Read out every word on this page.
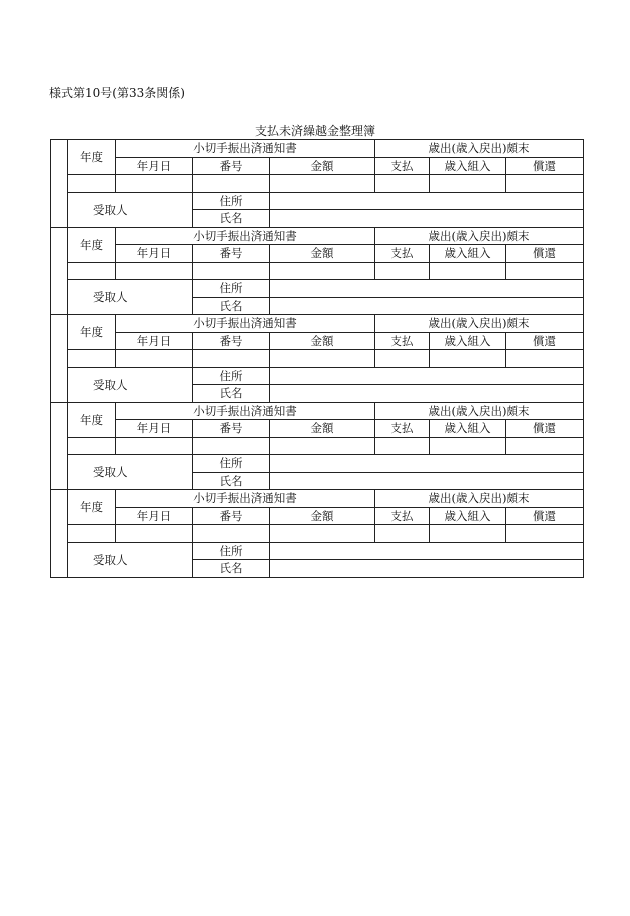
様式第10号(第33条関係)
支払未済繰越金整理簿
	年度	小切手振出済通知書			歳出(歳入戻出)頗末		
		年月日	番号	金額	支払	歳入組入	償還

	受取人		住所				
			氏名				
	年度	小切手振出済通知書			歳出(歳入戻出)頗末		
		年月日	番号	金額	支払	歳入組入	償還

	受取人		住所				
			氏名				
	年度	小切手振出済通知書			歳出(歳入戻出)頗末		
		年月日	番号	金額	支払	歳入組入	償還

	受取人		住所				
			氏名				
	年度	小切手振出済通知書			歳出(歳入戻出)頗末		
		年月日	番号	金額	支払	歳入組入	償還

	受取人		住所				
			氏名				
	年度	小切手振出済通知書			歳出(歳入戻出)頗末		
		年月日	番号	金額	支払	歳入組入	償還

	受取人		住所				
			氏名				
